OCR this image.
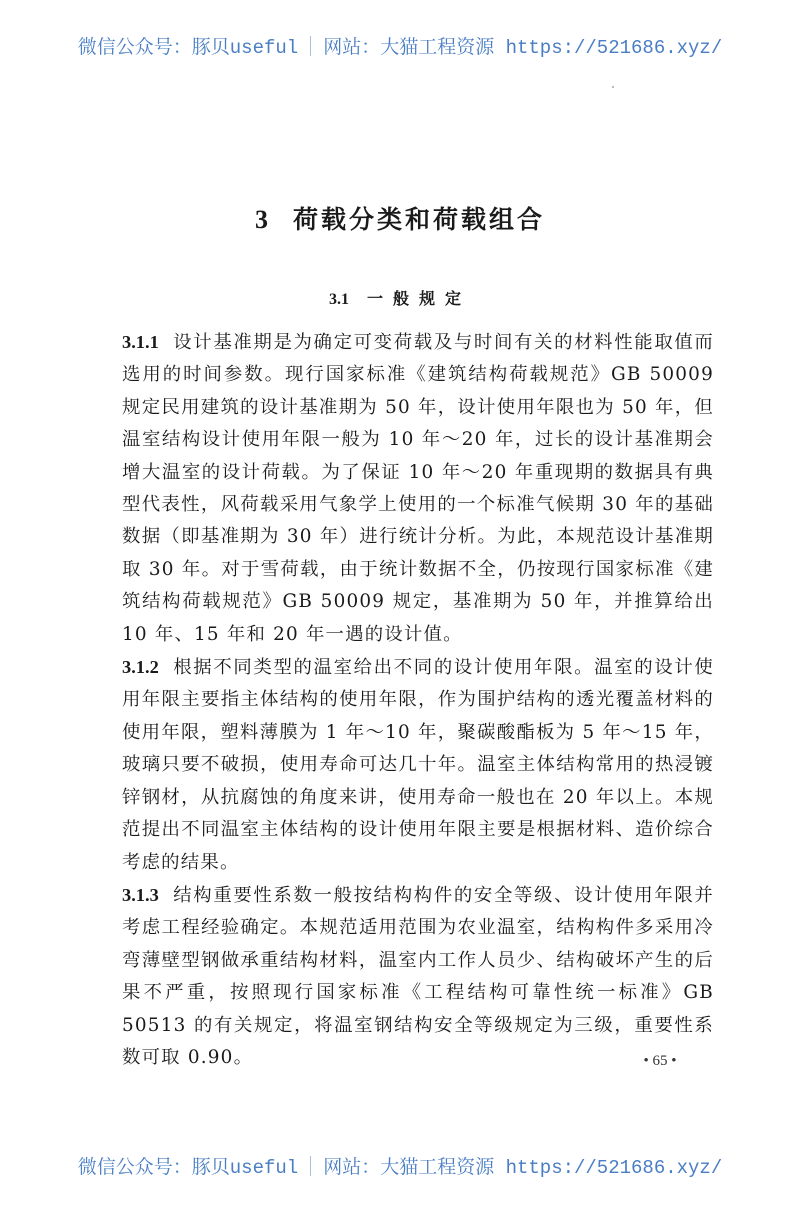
微信公众号：豚贝useful 网站：大猫工程资源 https://521686.xyz/
3 荷载分类和荷载组合
3.1 一般规定

3.1.1 设计基准期是为确定可变荷载及与时间有关的材料性能取值而选用的时间参数。现行国家标准《建筑结构荷载规范》GB 50009 规定民用建筑的设计基准期为 50 年，设计使用年限也为 50 年，但温室结构设计使用年限一般为 10 年～20 年，过长的设计基准期会增大温室的设计荷载。为了保证 10 年～20 年重现期的数据具有典型代表性，风荷载采用气象学上使用的一个标准气候期 30 年的基础数据（即基准期为 30 年）进行统计分析。为此，本规范设计基准期取 30 年。对于雪荷载，由于统计数据不全，仍按现行国家标准《建筑结构荷载规范》GB 50009 规定，基准期为 50 年，并推算给出 10 年、15 年和 20 年一遇的设计值。

3.1.2 根据不同类型的温室给出不同的设计使用年限。温室的设计使用年限主要指主体结构的使用年限，作为围护结构的透光覆盖材料的使用年限，塑料薄膜为 1 年～10 年，聚碳酸酯板为 5 年～15 年，玻璃只要不破损，使用寿命可达几十年。温室主体结构常用的热浸镀锌钢材，从抗腐蚀的角度来讲，使用寿命一般也在 20 年以上。本规范提出不同温室主体结构的设计使用年限主要是根据材料、造价综合考虑的结果。

3.1.3 结构重要性系数一般按结构构件的安全等级、设计使用年限并考虑工程经验确定。本规范适用范围为农业温室，结构构件多采用冷弯薄壁型钢做承重结构材料，温室内工作人员少、结构破坏产生的后果不严重，按照现行国家标准《工程结构可靠性统一标准》GB 50513 的有关规定，将温室钢结构安全等级规定为三级，重要性系数可取 0.90。	• 65 •
微信公众号：豚贝useful 网站：大猫工程资源 https://521686.xyz/
